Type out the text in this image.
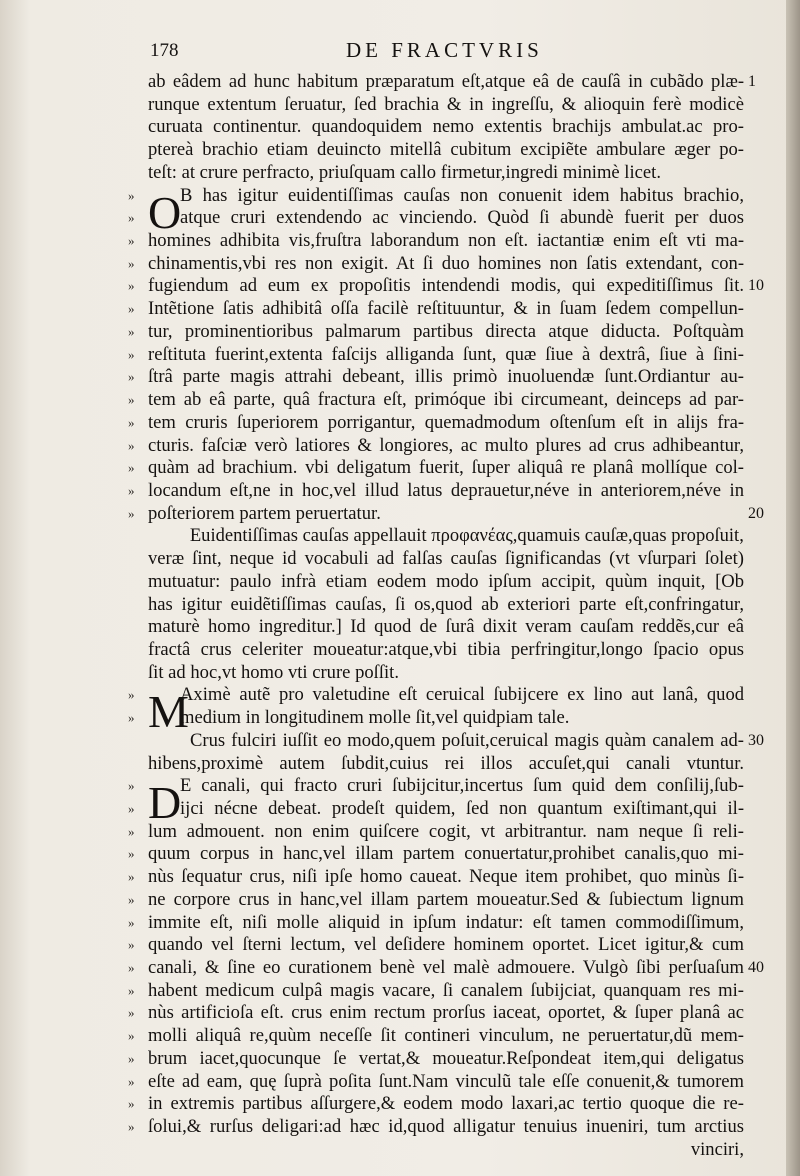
178	DE FRACTVRIS
ab eâdem ad hunc habitum præparatum eſt,atque eâ de cauſâ in cubãdo plæ- 1
runque extentum ſeruatur, ſed brachia & in ingreſſu, & alioquin ferè modicè
curuata continentur. quandoquidem nemo extentis brachijs ambulat.ac pro-
ptereà brachio etiam deuincto mitellâ cubitum excipiẽte ambulare æger po-
teſt: at crure perfracto, priuſquam callo firmetur,ingredi minimè licet.
» O
B has igitur euidentiſſimas cauſas non conuenit idem habitus brachio,
»	atque cruri extendendo ac vinciendo. Quòd ſi abundè fuerit per duos
» homines adhibita vis,fruſtra laborandum non eſt. iactantiæ enim eſt vti ma-
» chinamentis,vbi res non exigit. At ſi duo homines non ſatis extendant, con-
» fugiendum ad eum ex propoſitis intendendi modis, qui expeditiſſimus ſit. 10
» Intẽtione ſatis adhibitâ oſſa facilè reſtituuntur, & in ſuam ſedem compellun-
» tur, prominentioribus palmarum partibus directa atque diducta. Poſtquàm
» reſtituta fuerint,extenta faſcijs alliganda ſunt, quæ ſiue à dextrâ, ſiue à ſini-
» ſtrâ parte magis attrahi debeant, illis primò inuoluendæ ſunt.Ordiantur au-
» tem ab eâ parte, quâ fractura eſt, primóque ibi circumeant, deinceps ad par-
» tem cruris ſuperiorem porrigantur, quemadmodum oſtenſum eſt in alijs fra-
» cturis. faſciæ verò latiores & longiores, ac multo plures ad crus adhibeantur,
» quàm ad brachium. vbi deligatum fuerit, ſuper aliquâ re planâ mollíque col-
» locandum eſt,ne in hoc,vel illud latus deprauetur,néve in anteriorem,néve in
» poſteriorem partem peruertatur.	20
Euidentiſſimas cauſas appellauit προφανέας,quamuis cauſæ,quas propoſuit,
veræ ſint, neque id vocabuli ad falſas cauſas ſignificandas (vt vſurpari ſolet)
mutuatur: paulo infrà etiam eodem modo ipſum accipit, quùm inquit, [Ob
has igitur euidẽtiſſimas cauſas, ſi os,quod ab exteriori parte eſt,confringatur,
maturè homo ingreditur.] Id quod de ſurâ dixit veram cauſam reddẽs,cur eâ
fractâ crus celeriter moueatur:atque,vbi tibia perfringitur,longo ſpacio opus
ſit ad hoc,vt homo vti crure poſſit.
» M
Aximè autẽ pro valetudine eſt ceruical ſubijcere ex lino aut lanâ, quod
»	medium in longitudinem molle ſit,vel quidpiam tale.
Crus fulciri iuſſit eo modo,quem poſuit,ceruical magis quàm canalem ad- 30
hibens,proximè autem ſubdit,cuius rei illos accuſet,qui canali vtuntur.
» D
E canali, qui fracto cruri ſubijcitur,incertus ſum quid dem conſilij,ſub-
»	ijci nécne debeat. prodeſt quidem, ſed non quantum exiſtimant,qui il-
» lum admouent. non enim quiſcere cogit, vt arbitrantur. nam neque ſi reli-
» quum corpus in hanc,vel illam partem conuertatur,prohibet canalis,quo mi-
» nùs ſequatur crus, niſi ipſe homo caueat. Neque item prohibet, quo minùs ſi-
» ne corpore crus in hanc,vel illam partem moueatur.Sed & ſubiectum lignum
» immite eſt, niſi molle aliquid in ipſum indatur: eſt tamen commodiſſimum,
» quando vel ſterni lectum, vel deſidere hominem oportet. Licet igitur,& cum
» canali, & ſine eo curationem benè vel malè admouere. Vulgò ſibi perſuaſum 40
» habent medicum culpâ magis vacare, ſi canalem ſubijciat, quanquam res mi-
» nùs artificioſa eſt. crus enim rectum prorſus iaceat, oportet, & ſuper planâ ac
» molli aliquâ re,quùm neceſſe ſit contineri vinculum, ne peruertatur,dũ mem-
» brum iacet,quocunque ſe vertat,& moueatur.Reſpondeat item,qui deligatus
» eſte ad eam, quę ſuprà poſita ſunt.Nam vinculũ tale eſſe conuenit,& tumorem
» in extremis partibus aſſurgere,& eodem modo laxari,ac tertio quoque die re-
» ſolui,& rurſus deligari:ad hæc id,quod alligatur tenuius inueniri, tum arctius
vinciri,
